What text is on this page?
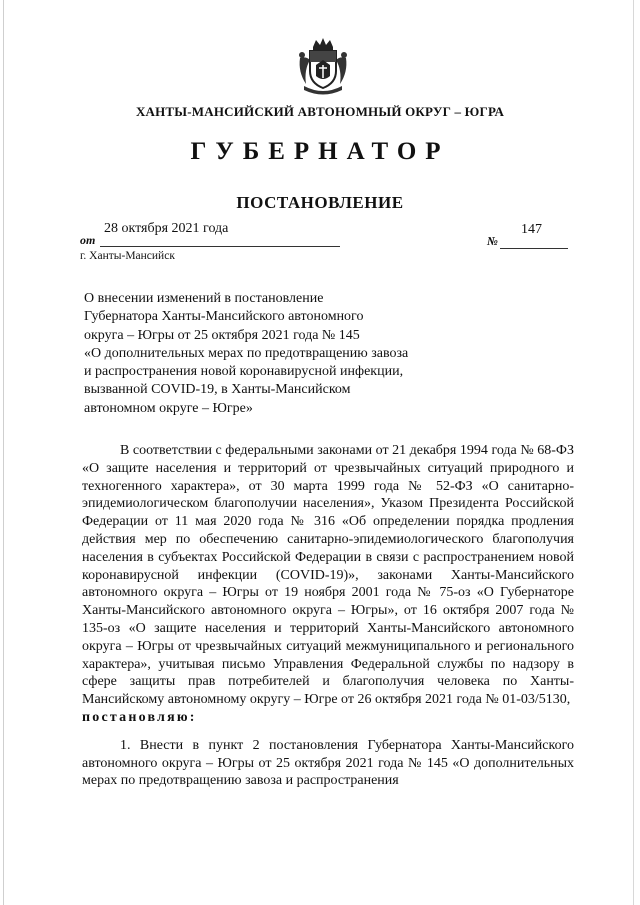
ХАНТЫ-МАНСИЙСКИЙ АВТОНОМНЫЙ ОКРУГ – ЮГРА
ГУБЕРНАТОР
ПОСТАНОВЛЕНИЕ
от
28 октября 2021 года
№
147
г. Ханты-Мансийск
О внесении изменений в постановление
Губернатора Ханты-Мансийского автономного
округа – Югры от 25 октября 2021 года № 145
«О дополнительных мерах по предотвращению завоза
и распространения новой коронавирусной инфекции,
вызванной COVID-19, в Ханты-Мансийском
автономном округе – Югре»

В соответствии с федеральными законами от 21 декабря 1994 года № 68-ФЗ «О защите населения и территорий от чрезвычайных ситуаций природного и техногенного характера», от 30 марта 1999 года № 52-ФЗ «О санитарно-эпидемиологическом благополучии населения», Указом Президента Российской Федерации от 11 мая 2020 года № 316 «Об определении порядка продления действия мер по обеспечению санитарно-эпидемиологического благополучия населения в субъектах Российской Федерации в связи с распространением новой коронавирусной инфекции (COVID-19)», законами Ханты-Мансийского автономного округа – Югры от 19 ноября 2001 года № 75-оз «О Губернаторе Ханты-Мансийского автономного округа – Югры», от 16 октября 2007 года № 135-оз «О защите населения и территорий Ханты-Мансийского автономного округа – Югры от чрезвычайных ситуаций межмуниципального и регионального характера», учитывая письмо Управления Федеральной службы по надзору в сфере защиты прав потребителей и благополучия человека по Ханты-Мансийскому автономному округу – Югре от 26 октября 2021 года № 01-03/5130,

постановляю:

1. Внести в пункт 2 постановления Губернатора Ханты-Мансийского автономного округа – Югры от 25 октября 2021 года № 145 «О дополнительных мерах по предотвращению завоза и распространения
